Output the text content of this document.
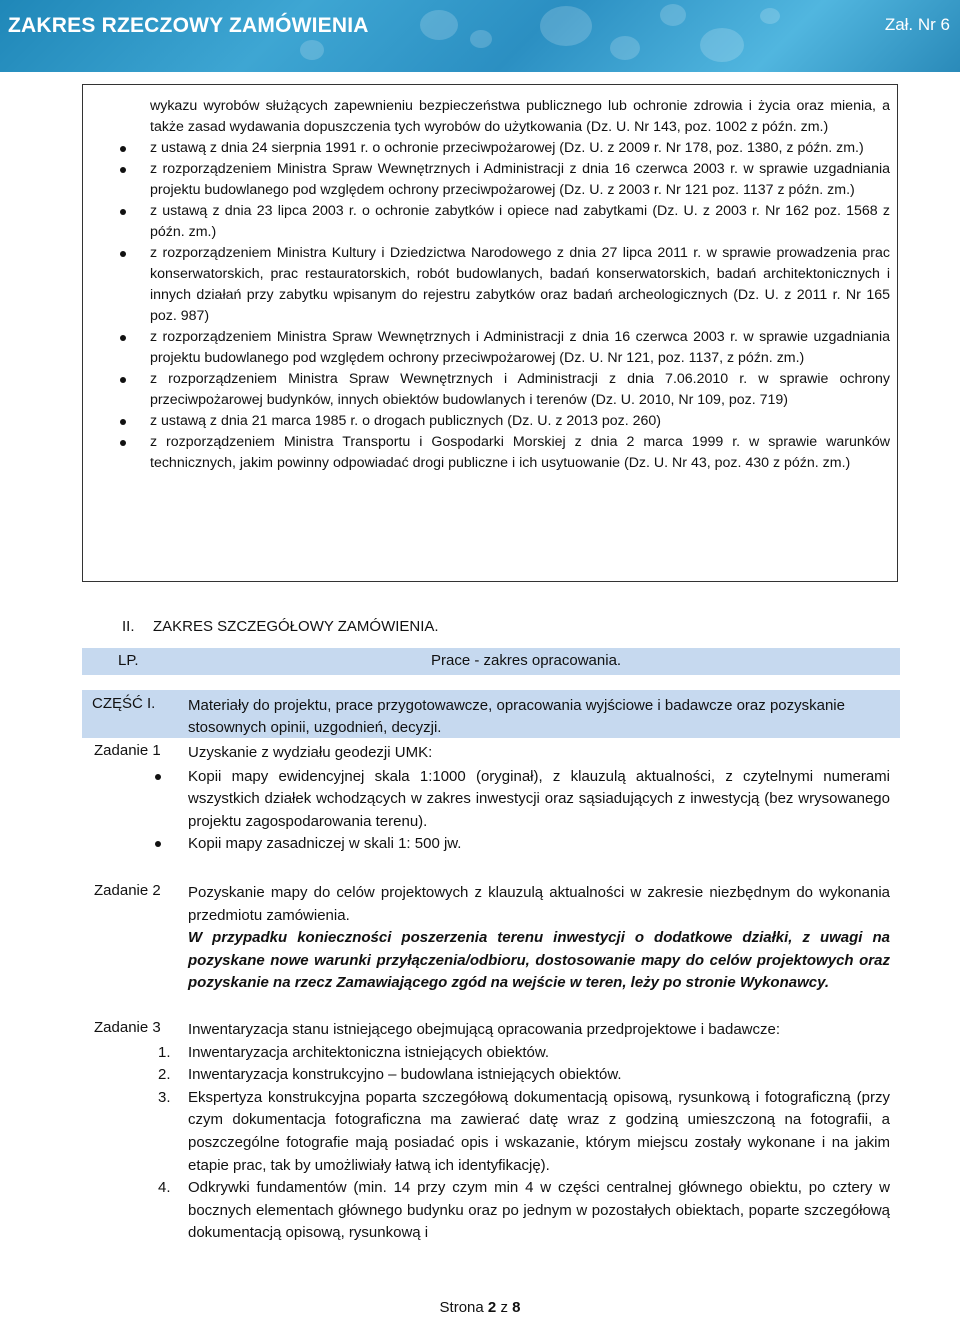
ZAKRES RZECZOWY ZAMÓWIENIA	Zał. Nr 6

wykazu wyrobów służących zapewnieniu bezpieczeństwa publicznego lub ochronie zdrowia i życia oraz mienia, a także zasad wydawania dopuszczenia tych wyrobów do użytkowania (Dz. U. Nr 143, poz. 1002 z późn. zm.)

z ustawą z dnia 24 sierpnia 1991 r. o ochronie przeciwpożarowej (Dz. U. z 2009 r. Nr 178, poz. 1380, z późn. zm.)

z rozporządzeniem Ministra Spraw Wewnętrznych i Administracji z dnia 16 czerwca 2003 r. w sprawie uzgadniania projektu budowlanego pod względem ochrony przeciwpożarowej (Dz. U. z 2003 r. Nr 121 poz. 1137 z późn. zm.)

z ustawą z dnia 23 lipca 2003 r. o ochronie zabytków i opiece nad zabytkami (Dz. U. z 2003 r. Nr 162 poz. 1568 z późn. zm.)

z rozporządzeniem Ministra Kultury i Dziedzictwa Narodowego z dnia 27 lipca 2011 r. w sprawie prowadzenia prac konserwatorskich, prac restauratorskich, robót budowlanych, badań konserwatorskich, badań architektonicznych i innych działań przy zabytku wpisanym do rejestru zabytków oraz badań archeologicznych (Dz. U. z 2011 r. Nr 165 poz. 987)

z rozporządzeniem Ministra Spraw Wewnętrznych i Administracji z dnia 16 czerwca 2003 r. w sprawie uzgadniania projektu budowlanego pod względem ochrony przeciwpożarowej (Dz. U. Nr 121, poz. 1137, z późn. zm.)

z rozporządzeniem Ministra Spraw Wewnętrznych i Administracji z dnia 7.06.2010 r. w sprawie ochrony przeciwpożarowej budynków, innych obiektów budowlanych i terenów (Dz. U. 2010, Nr 109, poz. 719)

z ustawą z dnia 21 marca 1985 r. o drogach publicznych (Dz. U. z 2013 poz. 260)

z rozporządzeniem Ministra Transportu i Gospodarki Morskiej z dnia 2 marca 1999 r. w sprawie warunków technicznych, jakim powinny odpowiadać drogi publiczne i ich usytuowanie (Dz. U. Nr 43, poz. 430 z późn. zm.)

II. ZAKRES SZCZEGÓŁOWY ZAMÓWIENIA.
LP.	Prace - zakres opracowania.
CZĘŚĆ I. Materiały do projektu, prace przygotowawcze, opracowania wyjściowe i badawcze oraz pozyskanie stosownych opinii, uzgodnień, decyzji.
Zadanie 1 Uzyskanie z wydziału geodezji UMK:

Kopii mapy ewidencyjnej skala 1:1000 (oryginał), z klauzulą aktualności, z czytelnymi numerami wszystkich działek wchodzących w zakres inwestycji oraz sąsiadujących z inwestycją (bez wrysowanego projektu zagospodarowania terenu).

Kopii mapy zasadniczej w skali 1: 500 jw.

Zadanie 2 Pozyskanie mapy do celów projektowych z klauzulą aktualności w zakresie niezbędnym do wykonania przedmiotu zamówienia.

W przypadku konieczności poszerzenia terenu inwestycji o dodatkowe działki, z uwagi na pozyskane nowe warunki przyłączenia/odbioru, dostosowanie mapy do celów projektowych oraz pozyskanie na rzecz Zamawiającego zgód na wejście w teren, leży po stronie Wykonawcy.

Zadanie 3 Inwentaryzacja stanu istniejącego obejmującą opracowania przedprojektowe i badawcze:

1. Inwentaryzacja architektoniczna istniejących obiektów.

2. Inwentaryzacja konstrukcyjno – budowlana istniejących obiektów.

3. Ekspertyza konstrukcyjna poparta szczegółową dokumentacją opisową, rysunkową i fotograficzną (przy czym dokumentacja fotograficzna ma zawierać datę wraz z godziną umieszczoną na fotografii, a poszczególne fotografie mają posiadać opis i wskazanie, którym miejscu zostały wykonane i na jakim etapie prac, tak by umożliwiały łatwą ich identyfikację).

4. Odkrywki fundamentów (min. 14 przy czym min 4 w części centralnej głównego obiektu, po cztery w bocznych elementach głównego budynku oraz po jednym w pozostałych obiektach, poparte szczegółową dokumentacją opisową, rysunkową i

Strona 2 z 8
